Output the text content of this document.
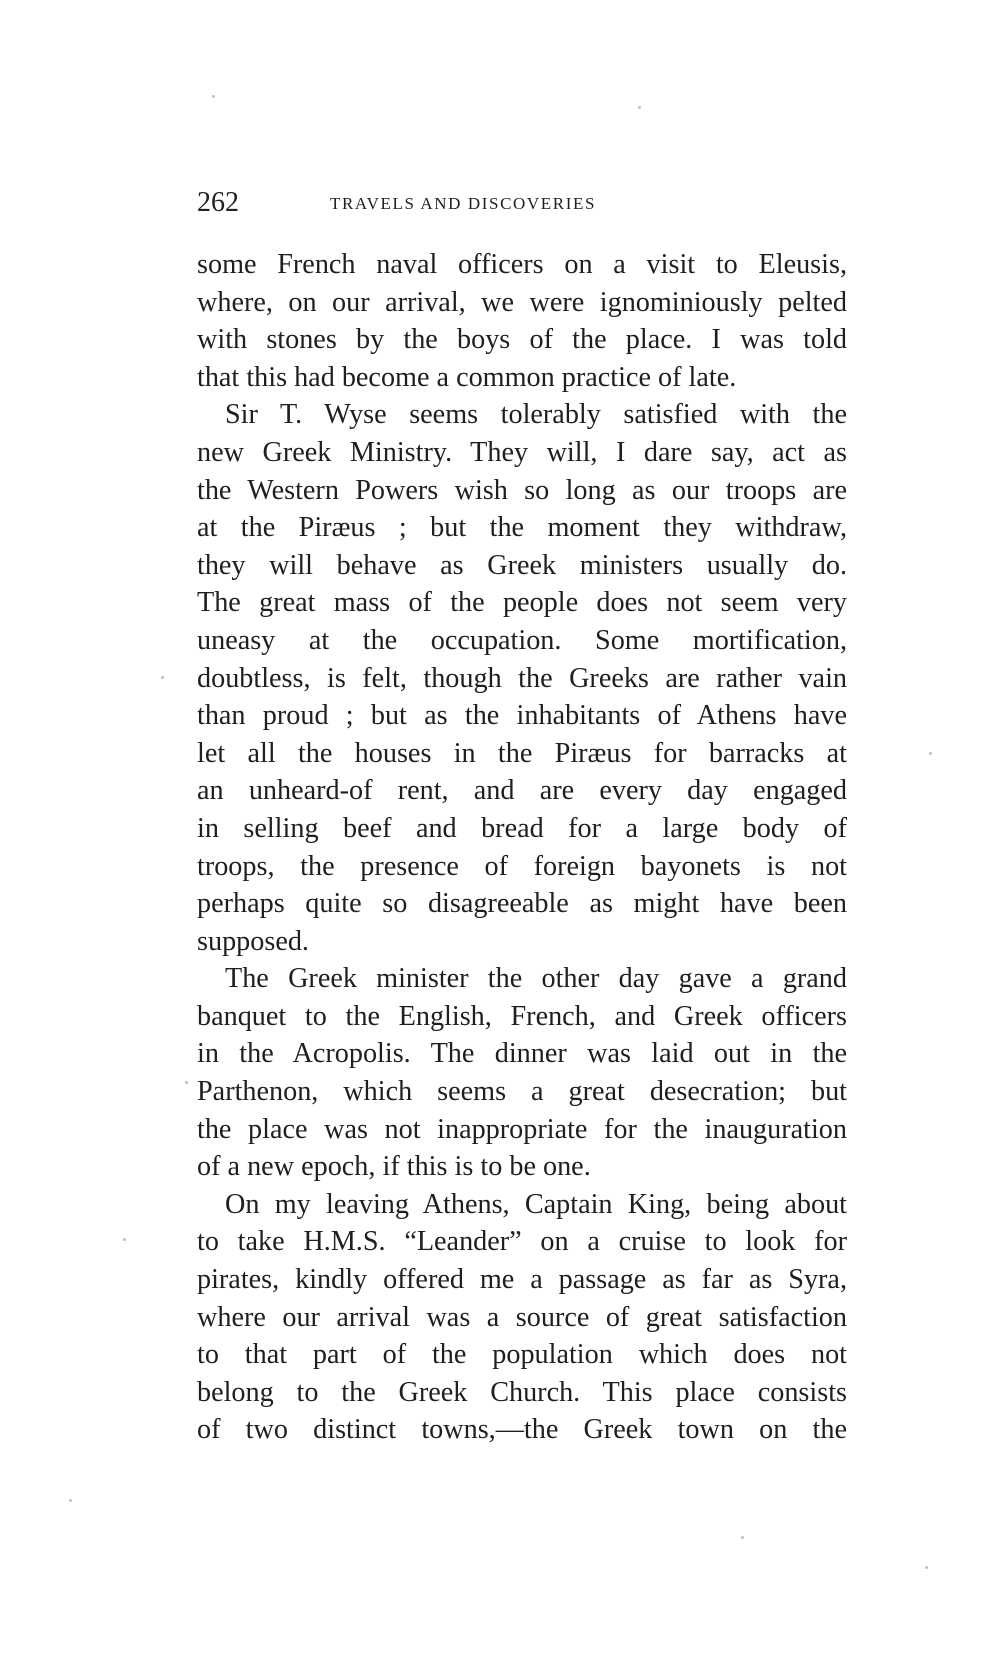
262	TRAVELS AND DISCOVERIES
some French naval officers on a visit to Eleusis,
where, on our arrival, we were ignominiously pelted
with stones by the boys of the place. I was told
that this had become a common practice of late.
Sir T. Wyse seems tolerably satisfied with the
new Greek Ministry. They will, I dare say, act as
the Western Powers wish so long as our troops are
at the Piræus ; but the moment they withdraw,
they will behave as Greek ministers usually do.
The great mass of the people does not seem very
uneasy at the occupation. Some mortification,
doubtless, is felt, though the Greeks are rather vain
than proud ; but as the inhabitants of Athens have
let all the houses in the Piræus for barracks at
an unheard-of rent, and are every day engaged
in selling beef and bread for a large body of
troops, the presence of foreign bayonets is not
perhaps quite so disagreeable as might have been
supposed.
The Greek minister the other day gave a grand
banquet to the English, French, and Greek officers
in the Acropolis. The dinner was laid out in the
Parthenon, which seems a great desecration; but
the place was not inappropriate for the inauguration
of a new epoch, if this is to be one.
On my leaving Athens, Captain King, being about
to take H.M.S. “Leander” on a cruise to look for
pirates, kindly offered me a passage as far as Syra,
where our arrival was a source of great satisfaction
to that part of the population which does not
belong to the Greek Church. This place consists
of two distinct towns,—the Greek town on the
